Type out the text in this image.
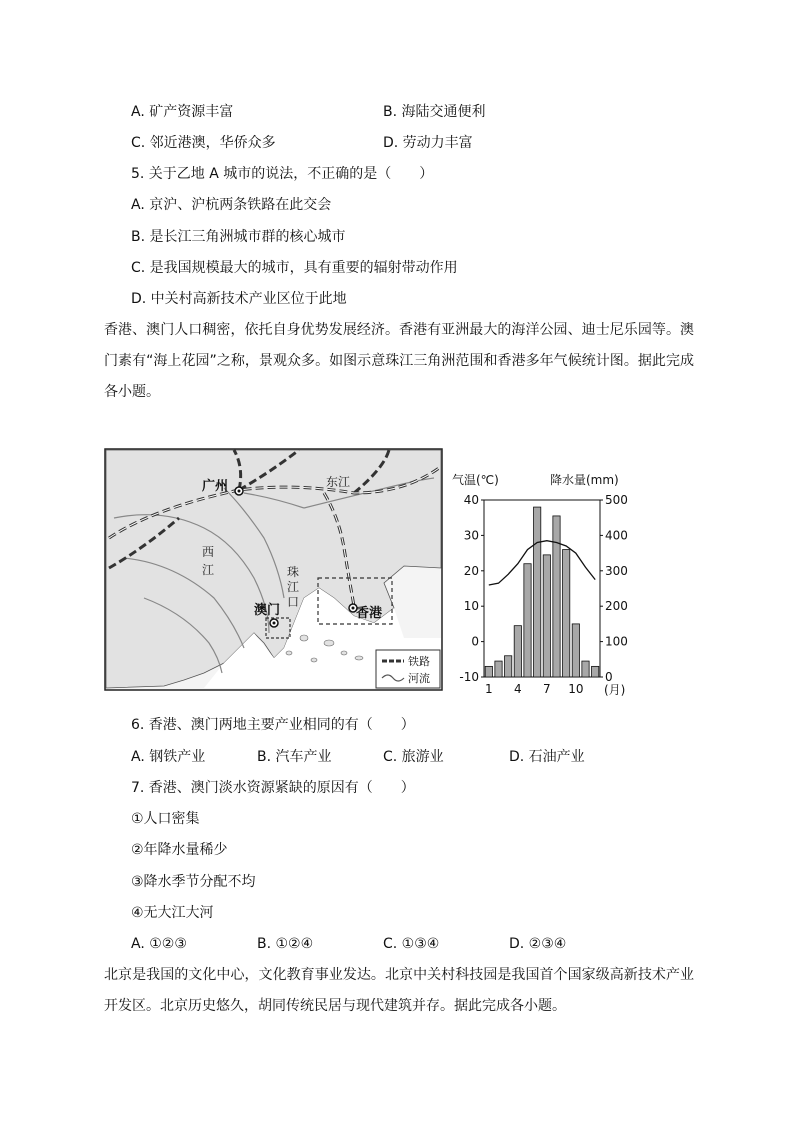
A. 矿产资源丰富	B. 海陆交通便利
C. 邻近港澳，华侨众多	D. 劳动力丰富
5. 关于乙地 A 城市的说法，不正确的是（　　）
A. 京沪、沪杭两条铁路在此交会
B. 是长江三角洲城市群的核心城市
C. 是我国规模最大的城市，具有重要的辐射带动作用
D. 中关村高新技术产业区位于此地
香港、澳门人口稠密，依托自身优势发展经济。香港有亚洲最大的海洋公园、迪士尼乐园等。澳门素有“海上花园”之称，景观众多。如图示意珠江三角洲范围和香港多年气候统计图。据此完成各小题。
广州
香港
澳门
东江
西
江	珠
江
口
铁路
河流
气温(℃)	降水量(mm)
40
30
20
10
0
-10
500
400
300
200
100
0
1 4 7 10 (月)
6. 香港、澳门两地主要产业相同的有（　　）
A. 钢铁产业	B. 汽车产业	C. 旅游业	D. 石油产业
7. 香港、澳门淡水资源紧缺的原因有（　　）
①人口密集
②年降水量稀少
③降水季节分配不均
④无大江大河
A. ①②③	B. ①②④	C. ①③④	D. ②③④
北京是我国的文化中心，文化教育事业发达。北京中关村科技园是我国首个国家级高新技术产业开发区。北京历史悠久，胡同传统民居与现代建筑并存。据此完成各小题。
